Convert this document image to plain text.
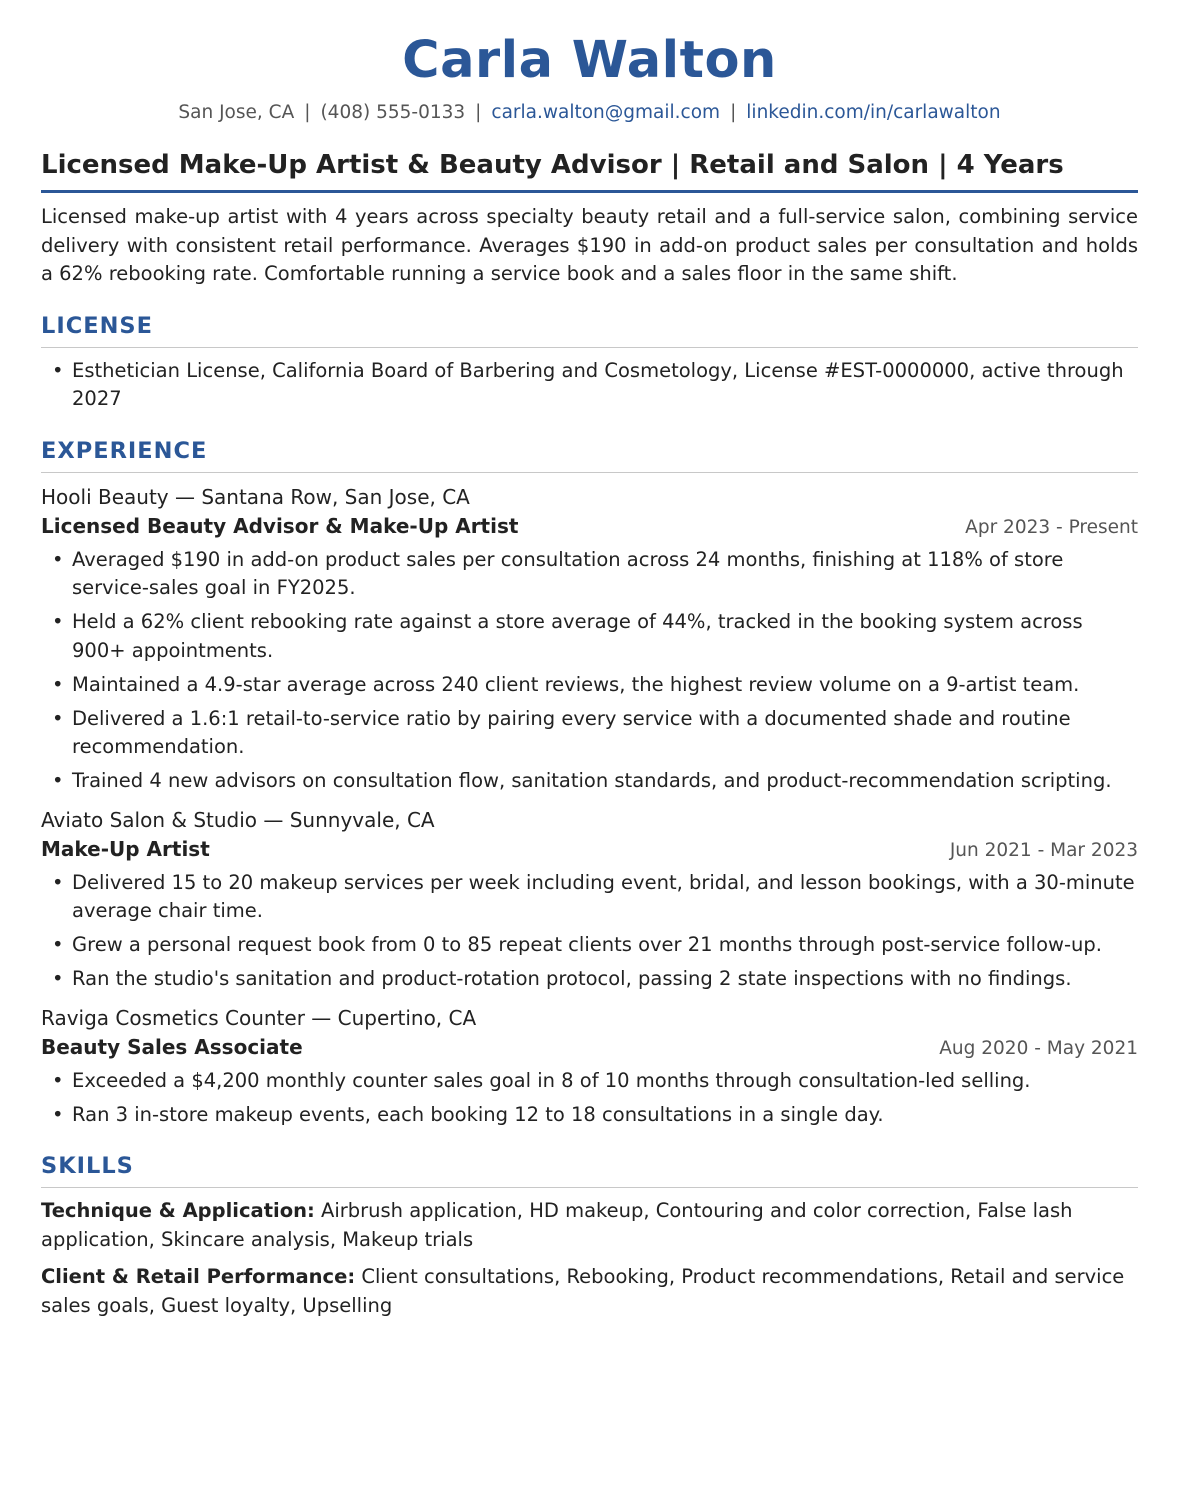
Carla Walton
San Jose, CA | (408) 555-0133 | carla.walton@gmail.com | linkedin.com/in/carlawalton
Licensed Make-Up Artist & Beauty Advisor | Retail and Salon | 4 Years
Licensed make-up artist with 4 years across specialty beauty retail and a full-service salon, combining service delivery with consistent retail performance. Averages $190 in add-on product sales per consultation and holds a 62% rebooking rate. Comfortable running a service book and a sales floor in the same shift.
LICENSE
• Esthetician License, California Board of Barbering and Cosmetology, License #EST-0000000, active through 2027
EXPERIENCE
Hooli Beauty — Santana Row, San Jose, CA
Licensed Beauty Advisor & Make-Up Artist	Apr 2023 - Present
• Averaged $190 in add-on product sales per consultation across 24 months, finishing at 118% of store service-sales goal in FY2025.
• Held a 62% client rebooking rate against a store average of 44%, tracked in the booking system across 900+ appointments.
• Maintained a 4.9-star average across 240 client reviews, the highest review volume on a 9-artist team.
• Delivered a 1.6:1 retail-to-service ratio by pairing every service with a documented shade and routine recommendation.
• Trained 4 new advisors on consultation flow, sanitation standards, and product-recommendation scripting.
Aviato Salon & Studio — Sunnyvale, CA
Make-Up Artist	Jun 2021 - Mar 2023
• Delivered 15 to 20 makeup services per week including event, bridal, and lesson bookings, with a 30-minute average chair time.
• Grew a personal request book from 0 to 85 repeat clients over 21 months through post-service follow-up.
• Ran the studio's sanitation and product-rotation protocol, passing 2 state inspections with no findings.
Raviga Cosmetics Counter — Cupertino, CA
Beauty Sales Associate	Aug 2020 - May 2021
• Exceeded a $4,200 monthly counter sales goal in 8 of 10 months through consultation-led selling.
• Ran 3 in-store makeup events, each booking 12 to 18 consultations in a single day.
SKILLS
Technique & Application: Airbrush application, HD makeup, Contouring and color correction, False lash application, Skincare analysis, Makeup trials
Client & Retail Performance: Client consultations, Rebooking, Product recommendations, Retail and service sales goals, Guest loyalty, Upselling
